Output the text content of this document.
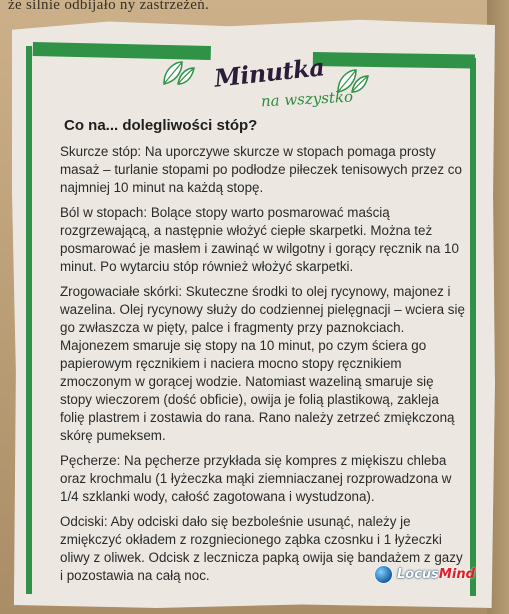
że silnie odbijało ny zastrzeżeń.
Minutka
na wszystko
Co na... dolegliwości stóp?

Skurcze stóp: Na uporczywe skurcze w stopach pomaga prosty masaż – turlanie stopami po podłodze piłeczek tenisowych przez co najmniej 10 minut na każdą stopę.

Ból w stopach: Bolące stopy warto posmarować maścią rozgrzewającą, a następnie włożyć ciepłe skarpetki. Można też posmarować je masłem i zawinąć w wilgotny i gorący ręcznik na 10 minut. Po wytarciu stóp również włożyć skarpetki.

Zrogowaciałe skórki: Skuteczne środki to olej rycynowy, majonez i wazelina. Olej rycynowy służy do codziennej pielęgnacji – wciera się go zwłaszcza w pięty, palce i fragmenty przy paznokciach. Majonezem smaruje się stopy na 10 minut, po czym ściera go papierowym ręcznikiem i naciera mocno stopy ręcznikiem zmoczonym w gorącej wodzie. Natomiast wazeliną smaruje się stopy wieczorem (dość obficie), owija je folią plastikową, zakleja folię plastrem i zostawia do rana. Rano należy zetrzeć zmiękczoną skórę pumeksem.

Pęcherze: Na pęcherze przykłada się kompres z miękiszu chleba oraz krochmalu (1 łyżeczka mąki ziemniaczanej rozprowadzona w 1/4 szklanki wody, całość zagotowana i wystudzona).

Odciski: Aby odciski dało się bezboleśnie usunąć, należy je zmiękczyć okładem z rozgniecionego ząbka czosnku i 1 łyżeczki oliwy z oliwek. Odcisk z lecznicza papką owija się bandażem z gazy i pozostawia na całą noc.	LocusMind
